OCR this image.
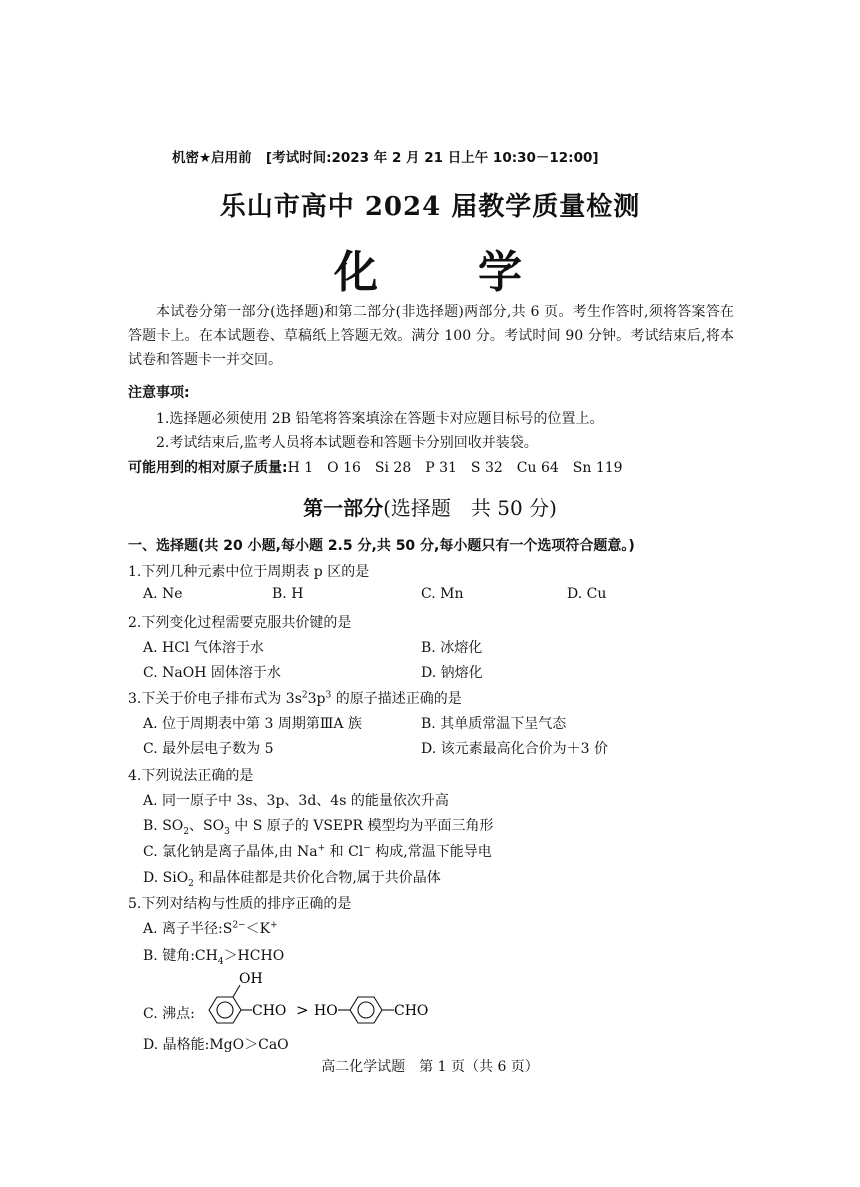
机密★启用前 [考试时间:2023 年 2 月 21 日上午 10:30－12:00]
乐山市高中 2024 届教学质量检测
化　　学
本试卷分第一部分(选择题)和第二部分(非选择题)两部分,共 6 页。考生作答时,须将答案答在答题卡上。在本试题卷、草稿纸上答题无效。满分 100 分。考试时间 90 分钟。考试结束后,将本试卷和答题卡一并交回。
注意事项:
1.选择题必须使用 2B 铅笔将答案填涂在答题卡对应题目标号的位置上。
2.考试结束后,监考人员将本试题卷和答题卡分别回收并装袋。
可能用到的相对原子质量:H 1　O 16　Si 28　P 31　S 32　Cu 64　Sn 119
第一部分(选择题　共 50 分)
一、选择题(共 20 小题,每小题 2.5 分,共 50 分,每小题只有一个选项符合题意。)
1.下列几种元素中位于周期表 p 区的是
A. Ne	B. H	C. Mn	D. Cu
2.下列变化过程需要克服共价键的是
A. HCl 气体溶于水	B. 冰熔化
C. NaOH 固体溶于水	D. 钠熔化
3.下关于价电子排布式为 $3s^23p^3$ 的原子描述正确的是
A. 位于周期表中第 3 周期第ⅢA 族	B. 其单质常温下呈气态
C. 最外层电子数为 5	D. 该元素最高化合价为＋3 价
4.下列说法正确的是
A. 同一原子中 3s、3p、3d、4s 的能量依次升高
B. $SO_2$、$SO_3$ 中 S 原子的 VSEPR 模型均为平面三角形
C. 氯化钠是离子晶体,由 Na+ 和 Cl− 构成,常温下能导电
D. SiO$_2$ 和晶体硅都是共价化合物,属于共价晶体
5.下列对结构与性质的排序正确的是
A. 离子半径$:S^{2-}<K^+$
B. 键角$:CH_4>HCHO$
C. 沸点:
OH
CHO > HO	CHO
D. 晶格能:MgO＞CaO
高二化学试题　第 1 页（共 6 页）
